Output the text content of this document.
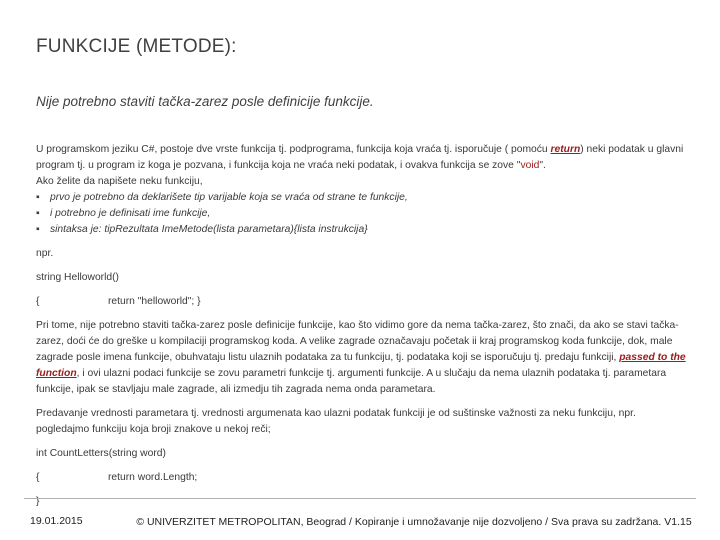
FUNKCIJE (METODE):
Nije potrebno staviti tačka-zarez posle definicije funkcije.

U programskom jeziku C#, postoje dve vrste funkcija tj. podprograma, funkcija koja vraća tj. isporučuje ( pomoću return) neki podatak u glavni program tj. u program iz koga je pozvana, i funkcija koja ne vraća neki podatak, i ovakva funkcija se zove "void".

Ako želite da napišete neku funkciju,

▪ prvo je potrebno da deklarišete tip varijable koja se vraća od strane te funkcije,

▪ i potrebno je definisati ime funkcije,

▪ sintaksa je: tipRezultata ImeMetode(lista parametara){lista instrukcija}

npr.

string Helloworld()

{	return "helloworld"; }

Pri tome, nije potrebno staviti tačka-zarez posle definicije funkcije, kao što vidimo gore da nema tačka-zarez, što znači, da ako se stavi tačka-zarez, doći će do greške u kompilaciji programskog koda. A velike zagrade označavaju početak ii kraj programskog koda funkcije, dok, male zagrade posle imena funkcije, obuhvataju listu ulaznih podataka za tu funkciju, tj. podataka koji se isporučuju tj. predaju funkciji, passed to the function, i ovi ulazni podaci funkcije se zovu parametri funkcije tj. argumenti funkcije. A u slučaju da nema ulaznih podataka tj. parametara funkcije, ipak se stavljaju male zagrade, ali izmedju tih zagrada nema onda parametara.

Predavanje vrednosti parametara tj. vrednosti argumenata kao ulazni podatak funkciji je od suštinske važnosti za neku funkciju, npr. pogledajmo funkciju koja broji znakove u nekoj reči;

int CountLetters(string word)

{	return word.Length;

}

19.01.2015	© UNIVERZITET METROPOLITAN, Beograd / Kopiranje i umnožavanje nije dozvoljeno / Sva prava su zadržana. V1.15
